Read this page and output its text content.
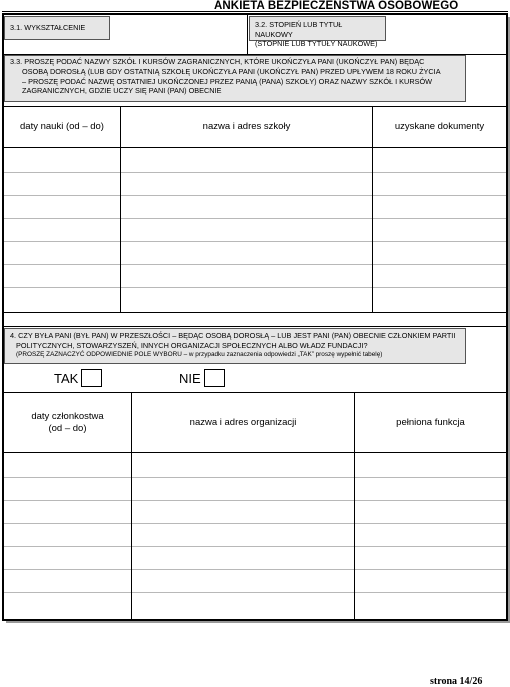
ANKIETA BEZPIECZEŃSTWA OSOBOWEGO
3.1. WYKSZTAŁCENIE	3.2. STOPIEŃ LUB TYTUŁ NAUKOWY
(STOPNIE LUB TYTUŁY NAUKOWE)
3.3. PROSZĘ PODAĆ NAZWY SZKÓŁ I KURSÓW ZAGRANICZNYCH, KTÓRE UKOŃCZYŁA PANI (UKOŃCZYŁ PAN) BĘDĄC
OSOBĄ DOROSŁĄ (LUB GDY OSTATNIĄ SZKOŁĘ UKOŃCZYŁA PANI (UKOŃCZYŁ PAN) PRZED UPŁYWEM 18 ROKU ŻYCIA
– PROSZĘ PODAĆ NAZWĘ OSTATNIEJ UKOŃCZONEJ PRZEZ PANIĄ (PANA) SZKOŁY) ORAZ NAZWY SZKÓŁ I KURSÓW
ZAGRANICZNYCH, GDZIE UCZY SIĘ PANI (PAN) OBECNIE
daty nauki (od – do)	nazwa i adres szkoły	uzyskane dokumenty
4. CZY BYŁA PANI (BYŁ PAN) W PRZESZŁOŚCI – BĘDĄC OSOBĄ DOROSŁĄ – LUB JEST PANI (PAN) OBECNIE CZŁONKIEM PARTII
POLITYCZNYCH, STOWARZYSZEŃ, INNYCH ORGANIZACJI SPOŁECZNYCH ALBO WŁADZ FUNDACJI?
(PROSZĘ ZAZNACZYĆ ODPOWIEDNIE POLE WYBORU – w przypadku zaznaczenia odpowiedzi „TAK” proszę wypełnić tabelę)
TAK	NIE
daty członkostwa
(od – do)
nazwa i adres organizacji	pełniona funkcja
strona 14/26
